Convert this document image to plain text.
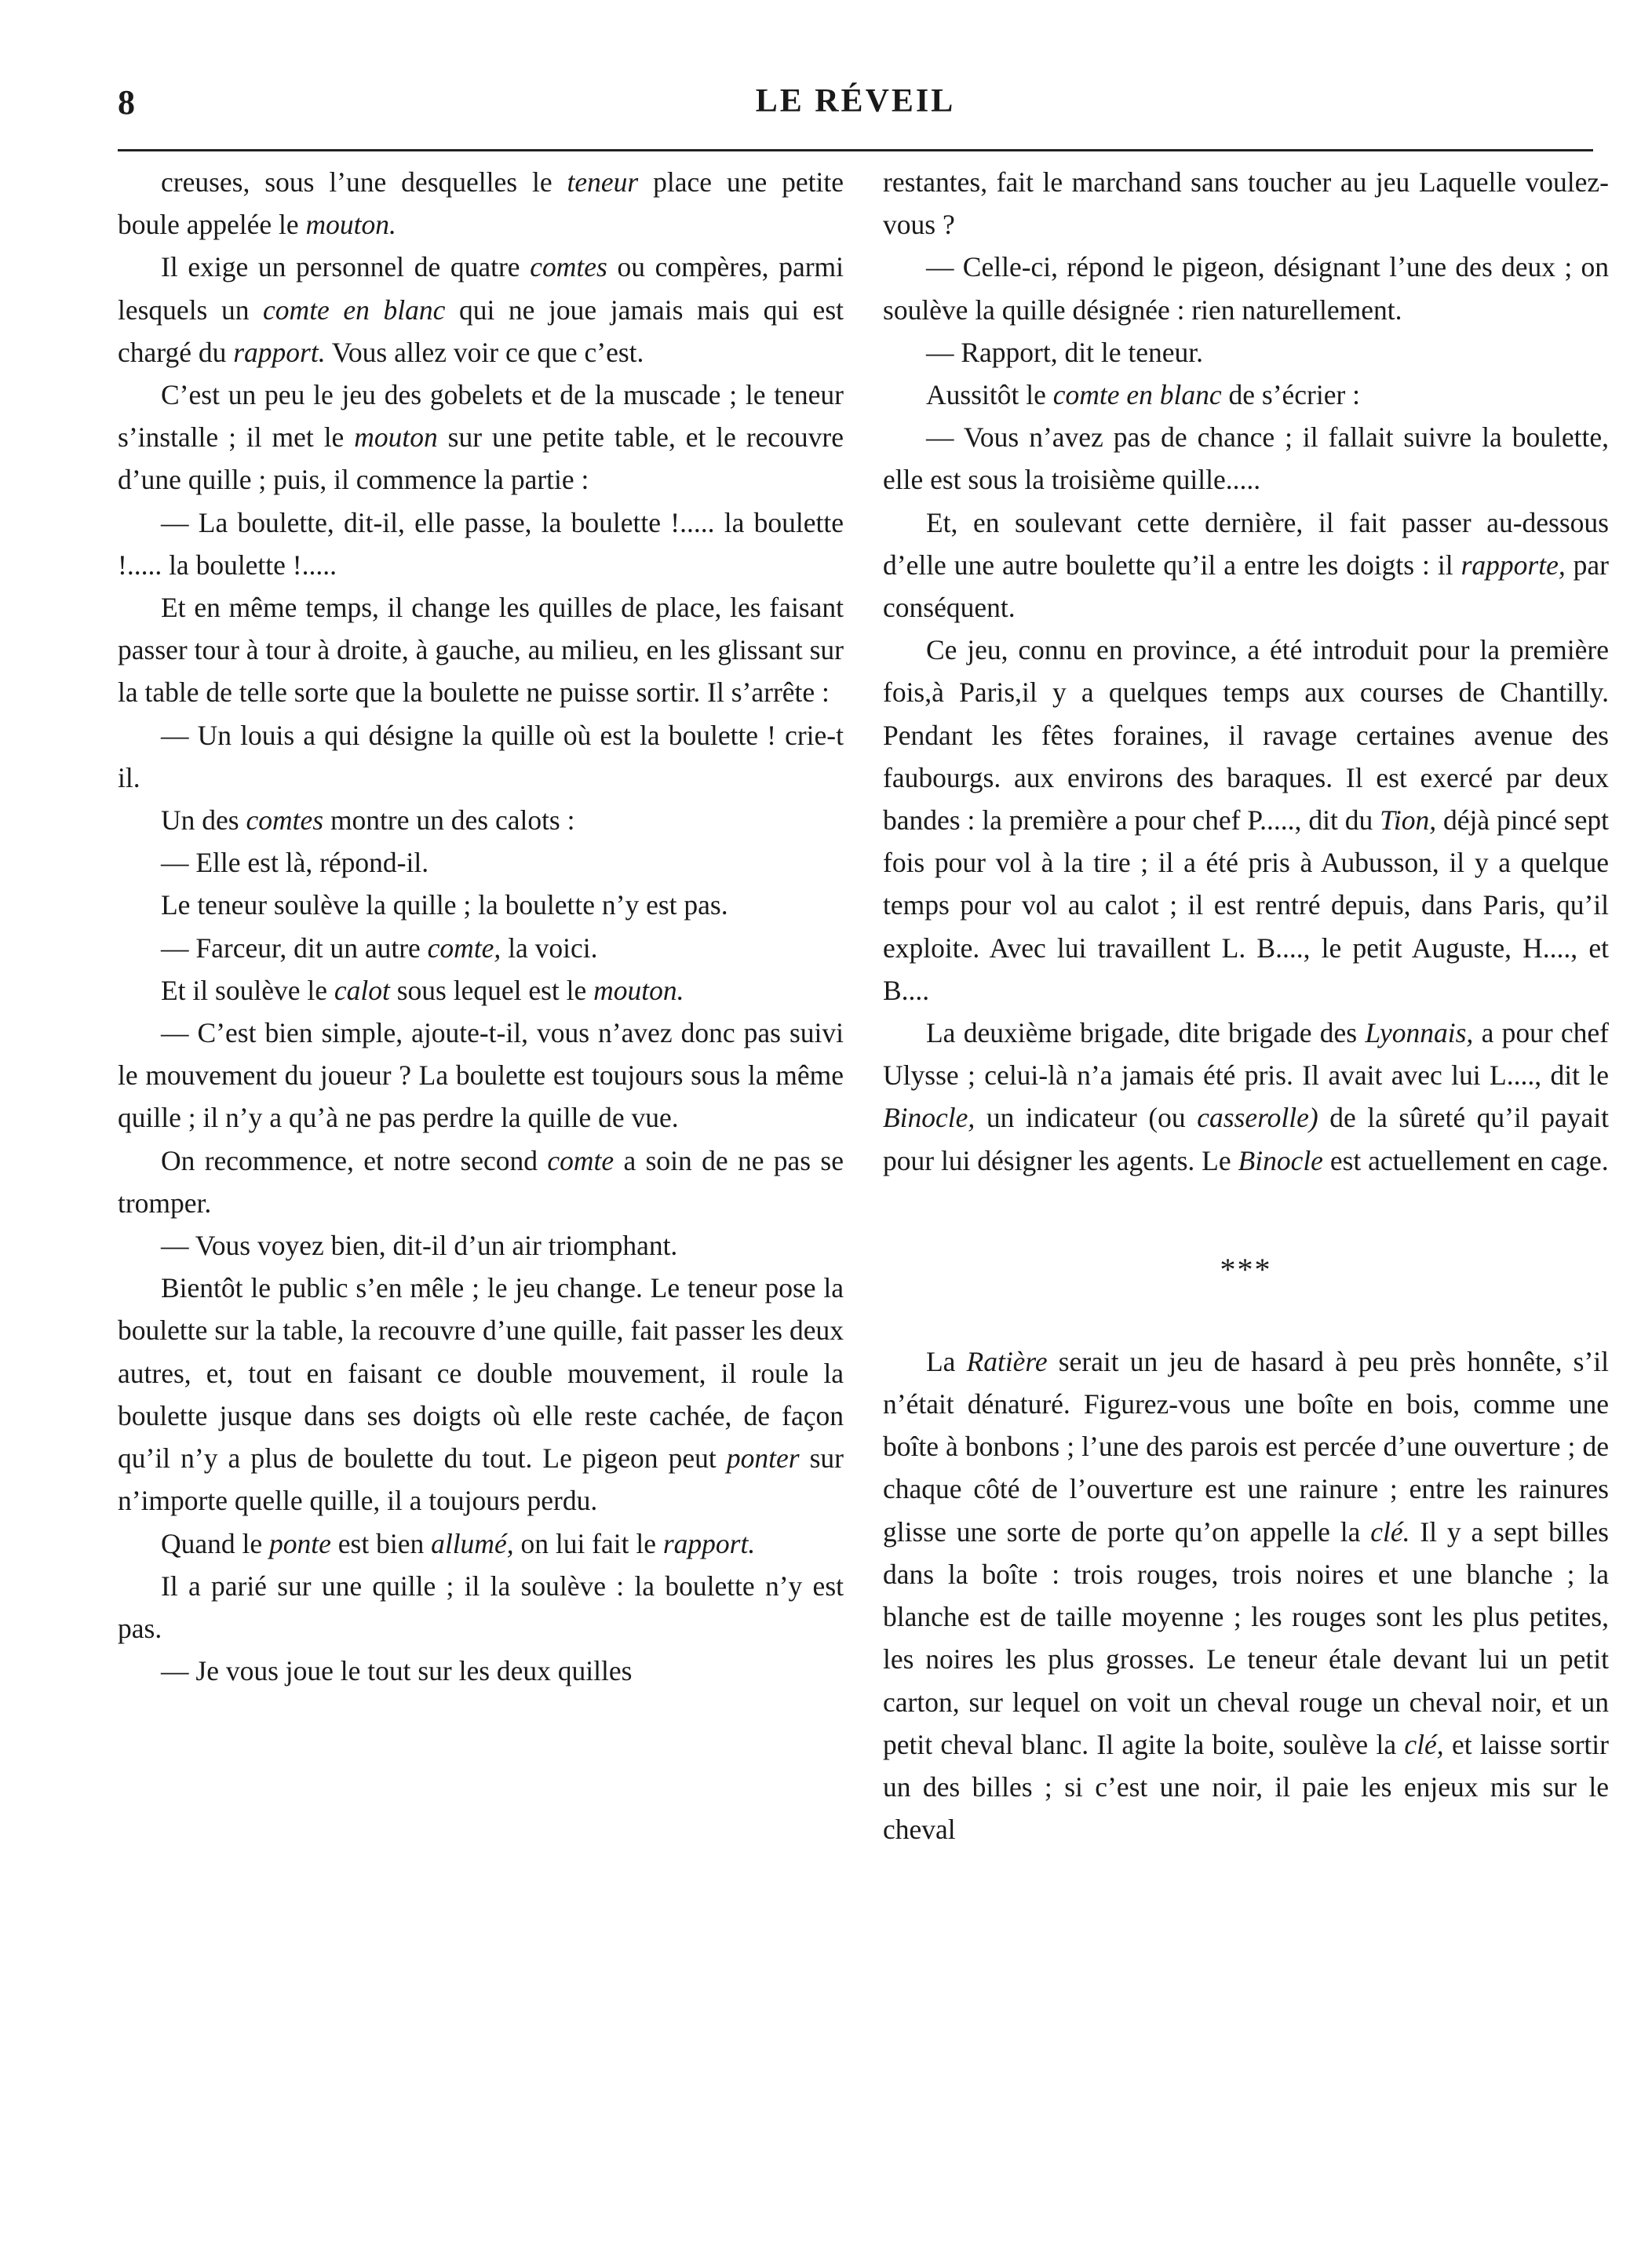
8	LE RÉVEIL

creuses, sous l’une desquelles le teneur place une petite boule appelée le mouton.

Il exige un personnel de quatre comtes ou compères, parmi lesquels un comte en blanc qui ne joue jamais mais qui est chargé du rapport. Vous allez voir ce que c’est.

C’est un peu le jeu des gobelets et de la muscade ; le teneur s’installe ; il met le mouton sur une petite table, et le recouvre d’une quille ; puis, il commence la partie :

— La boulette, dit-il, elle passe, la boulette !..... la boulette !..... la boulette !.....

Et en même temps, il change les quilles de place, les faisant passer tour à tour à droite, à gauche, au milieu, en les glissant sur la table de telle sorte que la boulette ne puisse sortir. Il s’arrête :

— Un louis a qui désigne la quille où est la boulette ! crie-t il.

Un des comtes montre un des calots :

— Elle est là, répond-il.

Le teneur soulève la quille ; la boulette n’y est pas.

— Farceur, dit un autre comte, la voici.

Et il soulève le calot sous lequel est le mouton.

— C’est bien simple, ajoute-t-il, vous n’avez donc pas suivi le mouvement du joueur ? La boulette est toujours sous la même quille ; il n’y a qu’à ne pas perdre la quille de vue.

On recommence, et notre second comte a soin de ne pas se tromper.

— Vous voyez bien, dit-il d’un air triomphant.

Bientôt le public s’en mêle ; le jeu change. Le teneur pose la boulette sur la table, la recouvre d’une quille, fait passer les deux autres, et, tout en faisant ce double mouvement, il roule la boulette jusque dans ses doigts où elle reste cachée, de façon qu’il n’y a plus de boulette du tout. Le pigeon peut ponter sur n’importe quelle quille, il a toujours perdu.

Quand le ponte est bien allumé, on lui fait le rapport.

Il a parié sur une quille ; il la soulève : la boulette n’y est pas.

— Je vous joue le tout sur les deux quilles

restantes, fait le marchand sans toucher au jeu Laquelle voulez-vous ?

— Celle-ci, répond le pigeon, désignant l’une des deux ; on soulève la quille désignée : rien naturellement.

— Rapport, dit le teneur.

Aussitôt le comte en blanc de s’écrier :

— Vous n’avez pas de chance ; il fallait suivre la boulette, elle est sous la troisième quille.....

Et, en soulevant cette dernière, il fait passer au-dessous d’elle une autre boulette qu’il a entre les doigts : il rapporte, par conséquent.

Ce jeu, connu en province, a été introduit pour la première fois,à Paris,il y a quelques temps aux courses de Chantilly. Pendant les fêtes foraines, il ravage certaines avenue des faubourgs. aux environs des baraques. Il est exercé par deux bandes : la première a pour chef P....., dit du Tion, déjà pincé sept fois pour vol à la tire ; il a été pris à Aubusson, il y a quelque temps pour vol au calot ; il est rentré depuis, dans Paris, qu’il exploite. Avec lui travaillent L. B...., le petit Auguste, H...., et B....

La deuxième brigade, dite brigade des Lyonnais, a pour chef Ulysse ; celui-là n’a jamais été pris. Il avait avec lui L...., dit le Binocle, un indicateur (ou casserolle) de la sûreté qu’il payait pour lui désigner les agents. Le Binocle est actuellement en cage.

***

La Ratière serait un jeu de hasard à peu près honnête, s’il n’était dénaturé. Figurez-vous une boîte en bois, comme une boîte à bonbons ; l’une des parois est percée d’une ouverture ; de chaque côté de l’ouverture est une rainure ; entre les rainures glisse une sorte de porte qu’on appelle la clé. Il y a sept billes dans la boîte : trois rouges, trois noires et une blanche ; la blanche est de taille moyenne ; les rouges sont les plus petites, les noires les plus grosses. Le teneur étale devant lui un petit carton, sur lequel on voit un cheval rouge un cheval noir, et un petit cheval blanc. Il agite la boite, soulève la clé, et laisse sortir un des billes ; si c’est une noir, il paie les enjeux mis sur le cheval
